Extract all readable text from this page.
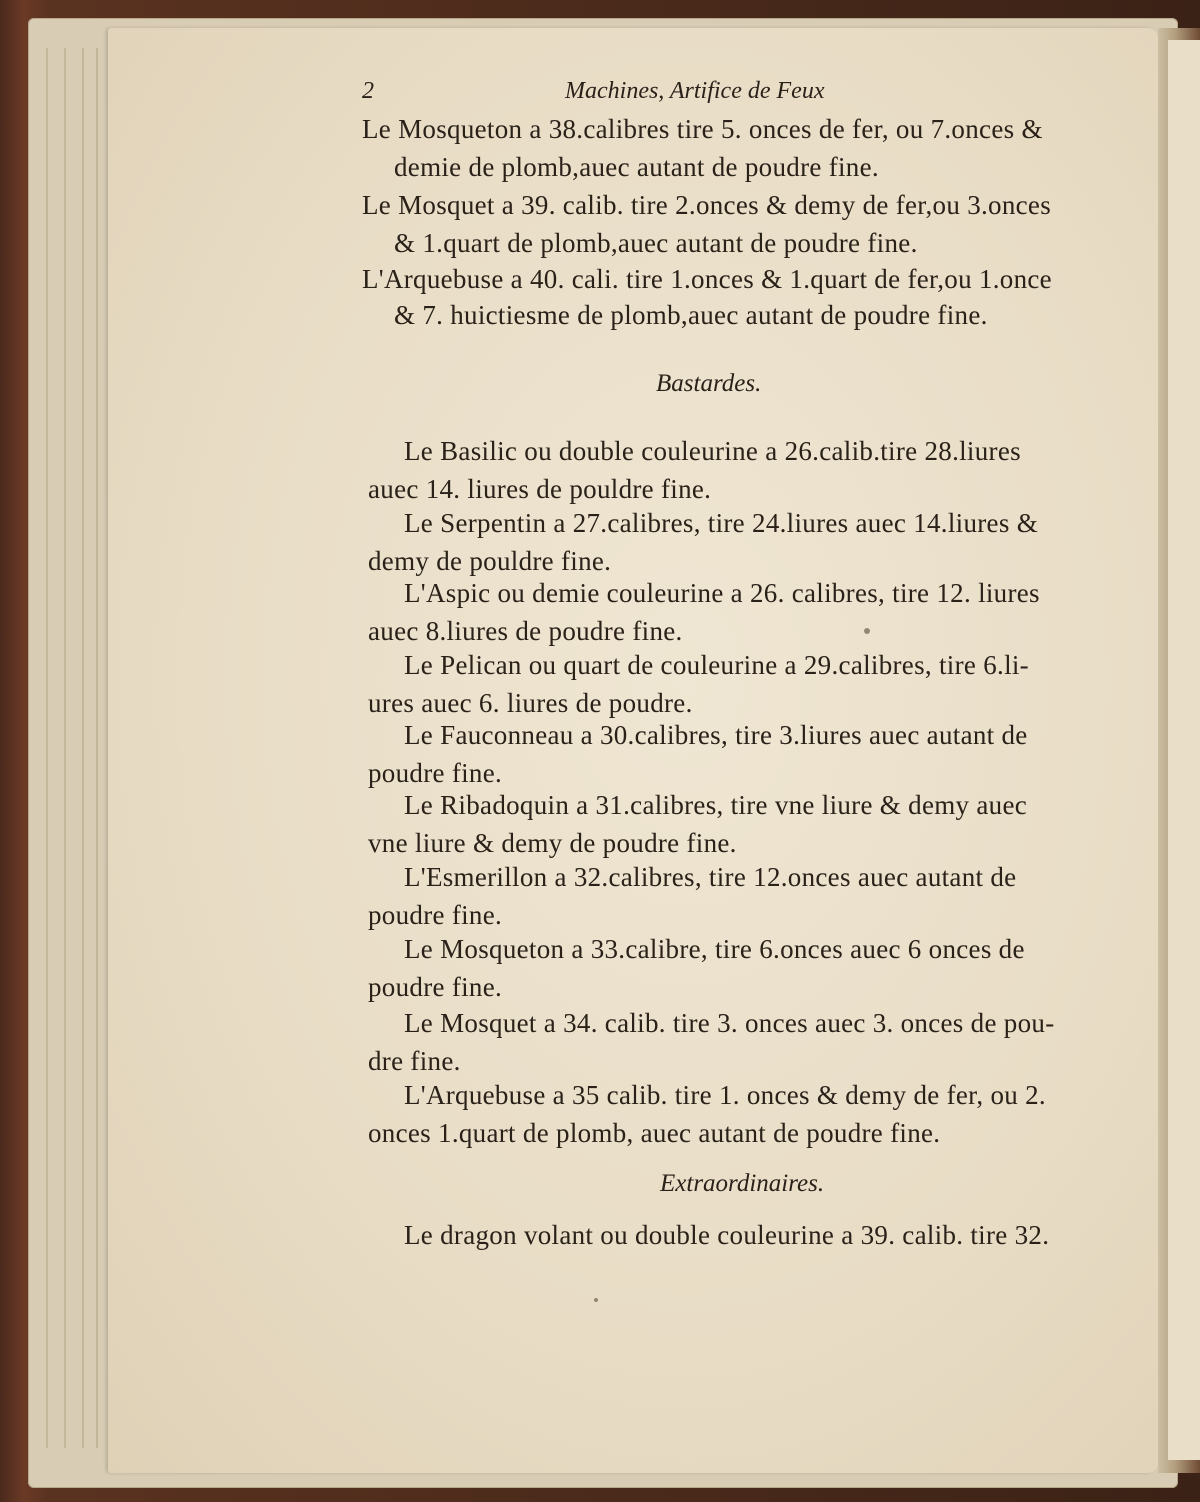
2	Machines, Artifice de Feux
Le Mosqueton a 38.calibres tire 5. onces de fer, ou 7.onces &
demie de plomb,auec autant de poudre fine.
Le Mosquet a 39. calib. tire 2.onces & demy de fer,ou 3.onces
& 1.quart de plomb,auec autant de poudre fine.
L'Arquebuse a 40. cali. tire 1.onces & 1.quart de fer,ou 1.once
& 7. huictiesme de plomb,auec autant de poudre fine.
Bastardes.
Le Basilic ou double couleurine a 26.calib.tire 28.liures
auec 14. liures de pouldre fine.
Le Serpentin a 27.calibres, tire 24.liures auec 14.liures &
demy de pouldre fine.
L'Aspic ou demie couleurine a 26. calibres, tire 12. liures
auec 8.liures de poudre fine.
Le Pelican ou quart de couleurine a 29.calibres, tire 6.li-
ures auec 6. liures de poudre.
Le Fauconneau a 30.calibres, tire 3.liures auec autant de
poudre fine.
Le Ribadoquin a 31.calibres, tire vne liure & demy auec
vne liure & demy de poudre fine.
L'Esmerillon a 32.calibres, tire 12.onces auec autant de
poudre fine.
Le Mosqueton a 33.calibre, tire 6.onces auec 6 onces de
poudre fine.
Le Mosquet a 34. calib. tire 3. onces auec 3. onces de pou-
dre fine.
L'Arquebuse a 35 calib. tire 1. onces & demy de fer, ou 2.
onces 1.quart de plomb, auec autant de poudre fine.
Extraordinaires.
Le dragon volant ou double couleurine a 39. calib. tire 32.
